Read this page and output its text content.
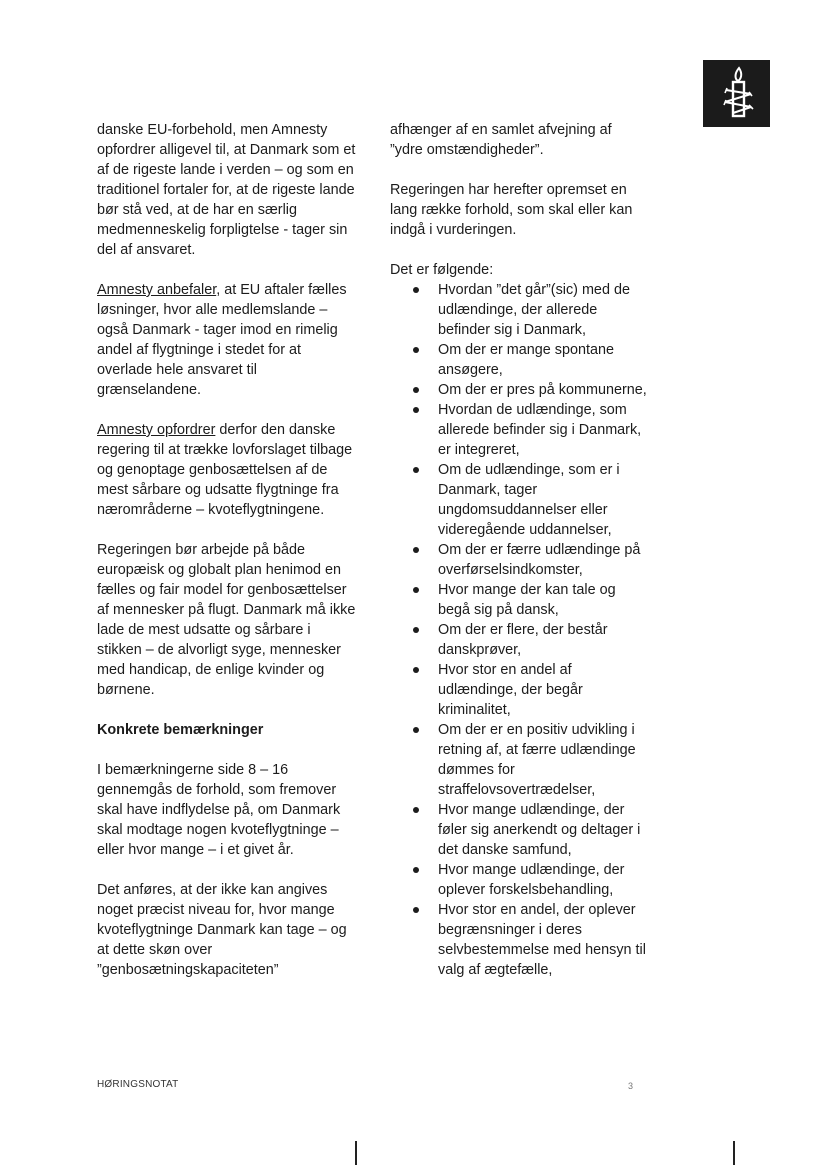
danske EU-forbehold, men Amnesty opfordrer alligevel til, at Danmark som et af de rigeste lande i verden – og som en traditionel fortaler for, at de rigeste lande bør stå ved, at de har en særlig medmenneskelig forpligtelse - tager sin del af ansvaret.

Amnesty anbefaler, at EU aftaler fælles løsninger, hvor alle medlemslande – også Danmark - tager imod en rimelig andel af flygtninge i stedet for at overlade hele ansvaret til grænselandene.

Amnesty opfordrer derfor den danske regering til at trække lovforslaget tilbage og genoptage genbosættelsen af de mest sårbare og udsatte flygtninge fra nærområderne – kvoteflygtningene.

Regeringen bør arbejde på både europæisk og globalt plan henimod en fælles og fair model for genbosættelser af mennesker på flugt. Danmark må ikke lade de mest udsatte og sårbare i stikken – de alvorligt syge, mennesker med handicap, de enlige kvinder og børnene.

Konkrete bemærkninger

I bemærkningerne side 8 – 16 gennemgås de forhold, som fremover skal have indflydelse på, om Danmark skal modtage nogen kvoteflygtninge – eller hvor mange – i et givet år.

Det anføres, at der ikke kan angives noget præcist niveau for, hvor mange kvoteflygtninge Danmark kan tage – og at dette skøn over ”genbosætningskapaciteten”

afhænger af en samlet afvejning af ”ydre omstændigheder”.

Regeringen har herefter opremset en lang række forhold, som skal eller kan indgå i vurderingen.

Det er følgende:

Hvordan ”det går”(sic) med de udlændinge, der allerede befinder sig i Danmark,
Om der er mange spontane ansøgere,
Om der er pres på kommunerne,
Hvordan de udlændinge, som allerede befinder sig i Danmark, er integreret,
Om de udlændinge, som er i Danmark, tager ungdomsuddannelser eller videregående uddannelser,
Om der er færre udlændinge på overførselsindkomster,
Hvor mange der kan tale og begå sig på dansk,
Om der er flere, der består danskprøver,
Hvor stor en andel af udlændinge, der begår kriminalitet,
Om der er en positiv udvikling i retning af, at færre udlændinge dømmes for straffelovsovertrædelser,
Hvor mange udlændinge, der føler sig anerkendt og deltager i det danske samfund,
Hvor mange udlændinge, der oplever forskelsbehandling,
Hvor stor en andel, der oplever begrænsninger i deres selvbestemmelse med hensyn til valg af ægtefælle,
HØRINGSNOTAT	3
